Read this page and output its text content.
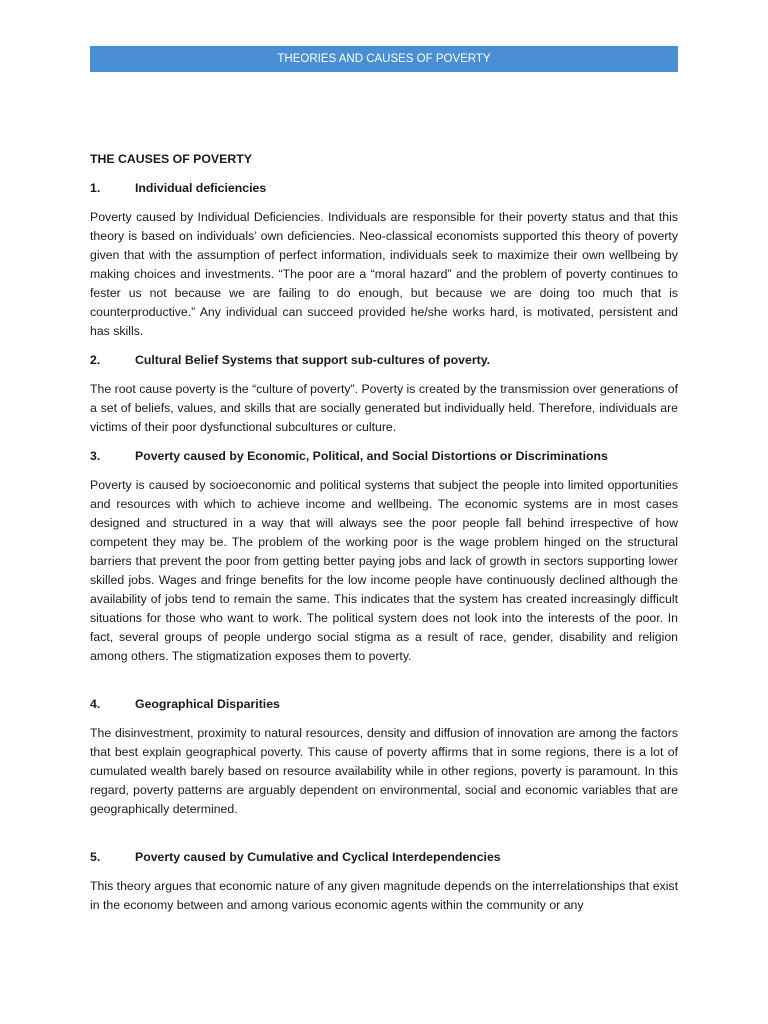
THEORIES AND CAUSES OF POVERTY
THE CAUSES OF POVERTY
1.	Individual deficiencies

Poverty caused by Individual Deficiencies. Individuals are responsible for their poverty status and that this theory is based on individuals’ own deficiencies. Neo-classical economists supported this theory of poverty given that with the assumption of perfect information, individuals seek to maximize their own wellbeing by making choices and investments. “The poor are a “moral hazard” and the problem of poverty continues to fester us not because we are failing to do enough, but because we are doing too much that is counterproductive.” Any individual can succeed provided he/she works hard, is motivated, persistent and has skills.

2.	Cultural Belief Systems that support sub-cultures of poverty.

The root cause poverty is the “culture of poverty”. Poverty is created by the transmission over generations of a set of beliefs, values, and skills that are socially generated but individually held. Therefore, individuals are victims of their poor dysfunctional subcultures or culture.

3.	Poverty caused by Economic, Political, and Social Distortions or Discriminations

Poverty is caused by socioeconomic and political systems that subject the people into limited opportunities and resources with which to achieve income and wellbeing. The economic systems are in most cases designed and structured in a way that will always see the poor people fall behind irrespective of how competent they may be. The problem of the working poor is the wage problem hinged on the structural barriers that prevent the poor from getting better paying jobs and lack of growth in sectors supporting lower skilled jobs. Wages and fringe benefits for the low income people have continuously declined although the availability of jobs tend to remain the same. This indicates that the system has created increasingly difficult situations for those who want to work. The political system does not look into the interests of the poor. In fact, several groups of people undergo social stigma as a result of race, gender, disability and religion among others. The stigmatization exposes them to poverty.

4.	Geographical Disparities

The disinvestment, proximity to natural resources, density and diffusion of innovation are among the factors that best explain geographical poverty. This cause of poverty affirms that in some regions, there is a lot of cumulated wealth barely based on resource availability while in other regions, poverty is paramount. In this regard, poverty patterns are arguably dependent on environmental, social and economic variables that are geographically determined.

5.	Poverty caused by Cumulative and Cyclical Interdependencies

This theory argues that economic nature of any given magnitude depends on the interrelationships that exist in the economy between and among various economic agents within the community or any
